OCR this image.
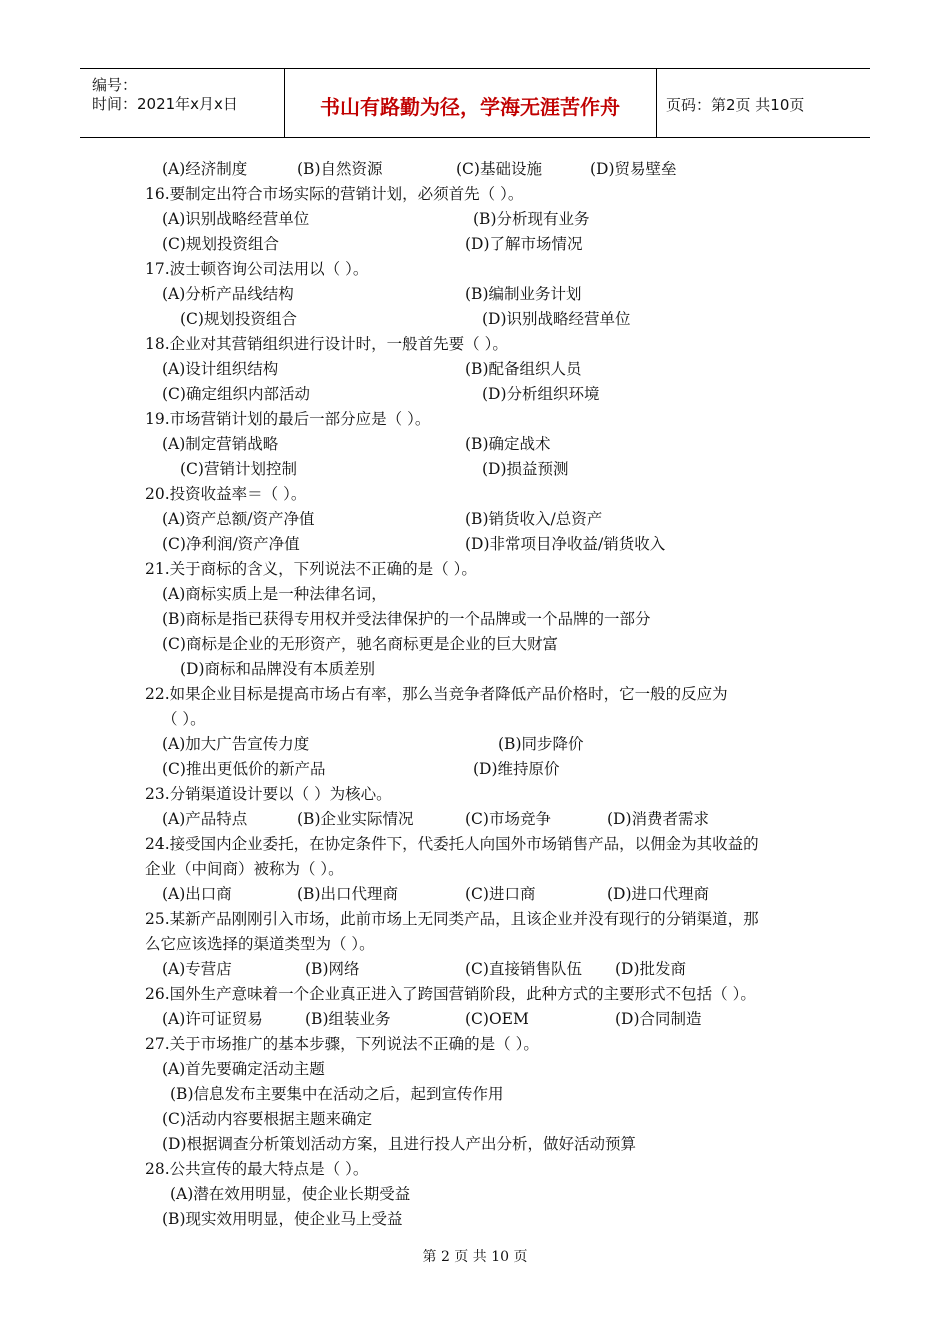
编号：
时间：2021年x月x日	书山有路勤为径，学海无涯苦作舟	页码：第2页 共10页
(A)经济制度	(B)自然资源	(C)基础设施	(D)贸易壁垒
16.要制定出符合市场实际的营销计划，必须首先（ ）。
(A)识别战略经营单位	(B)分析现有业务
(C)规划投资组合	(D)了解市场情况
17.波士顿咨询公司法用以（ ）。
(A)分析产品线结构	(B)编制业务计划
(C)规划投资组合	(D)识别战略经营单位
18.企业对其营销组织进行设计时，一般首先要（ ）。
(A)设计组织结构	(B)配备组织人员
(C)确定组织内部活动	(D)分析组织环境
19.市场营销计划的最后一部分应是（ ）。
(A)制定营销战略	(B)确定战术
(C)营销计划控制	(D)损益预测
20.投资收益率＝（ ）。
(A)资产总额/资产净值	(B)销货收入/总资产
(C)净利润/资产净值	(D)非常项目净收益/销货收入
21.关于商标的含义，下列说法不正确的是（ ）。
(A)商标实质上是一种法律名词，
(B)商标是指已获得专用权并受法律保护的一个品牌或一个品牌的一部分
(C)商标是企业的无形资产，驰名商标更是企业的巨大财富
(D)商标和品牌没有本质差别
22.如果企业目标是提高市场占有率，那么当竞争者降低产品价格时，它一般的反应为
（ ）。
(A)加大广告宣传力度	(B)同步降价
(C)推出更低价的新产品	(D)维持原价
23.分销渠道设计要以（ ）为核心。
(A)产品特点	(B)企业实际情况	(C)市场竞争	(D)消费者需求
24.接受国内企业委托，在协定条件下，代委托人向国外市场销售产品，以佣金为其收益的
企业（中间商）被称为（ ）。
(A)出口商	(B)出口代理商	(C)进口商	(D)进口代理商
25.某新产品刚刚引入市场，此前市场上无同类产品，且该企业并没有现行的分销渠道，那
么它应该选择的渠道类型为（ ）。
(A)专营店	(B)网络	(C)直接销售队伍 (D)批发商
26.国外生产意味着一个企业真正进入了跨国营销阶段，此种方式的主要形式不包括（ ）。
(A)许可证贸易	(B)组装业务	(C)OEM	(D)合同制造
27.关于市场推广的基本步骤，下列说法不正确的是（ ）。
(A)首先要确定活动主题
(B)信息发布主要集中在活动之后，起到宣传作用
(C)活动内容要根据主题来确定
(D)根据调查分析策划活动方案，且进行投人产出分析，做好活动预算
28.公共宣传的最大特点是（ ）。
(A)潜在效用明显，使企业长期受益
(B)现实效用明显，使企业马上受益
第 2 页 共 10 页
